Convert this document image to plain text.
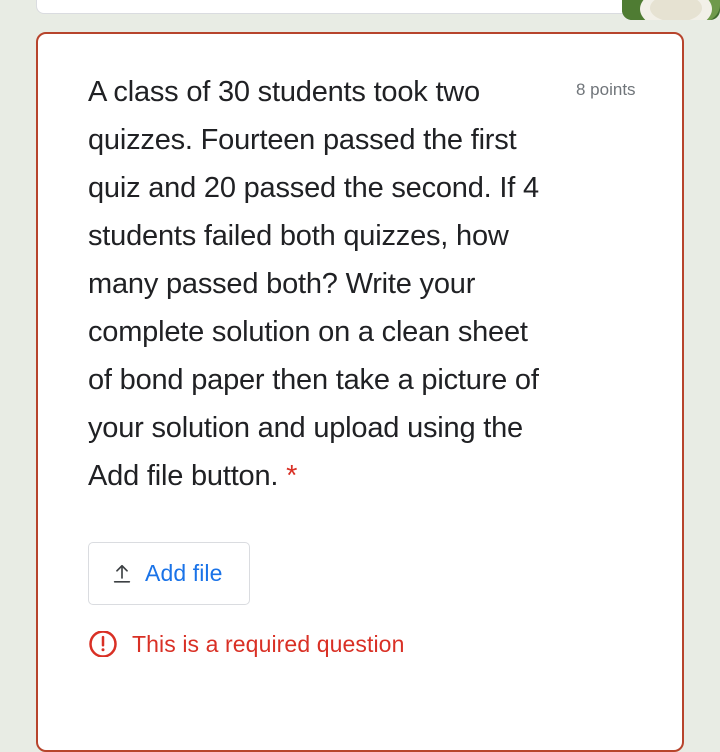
A class of 30 students took two quizzes. Fourteen passed the first quiz and 20 passed the second. If 4 students failed both quizzes, how many passed both? Write your complete solution on a clean sheet of bond paper then take a picture of your solution and upload using the Add file button. *
8 points
Add file
This is a required question
